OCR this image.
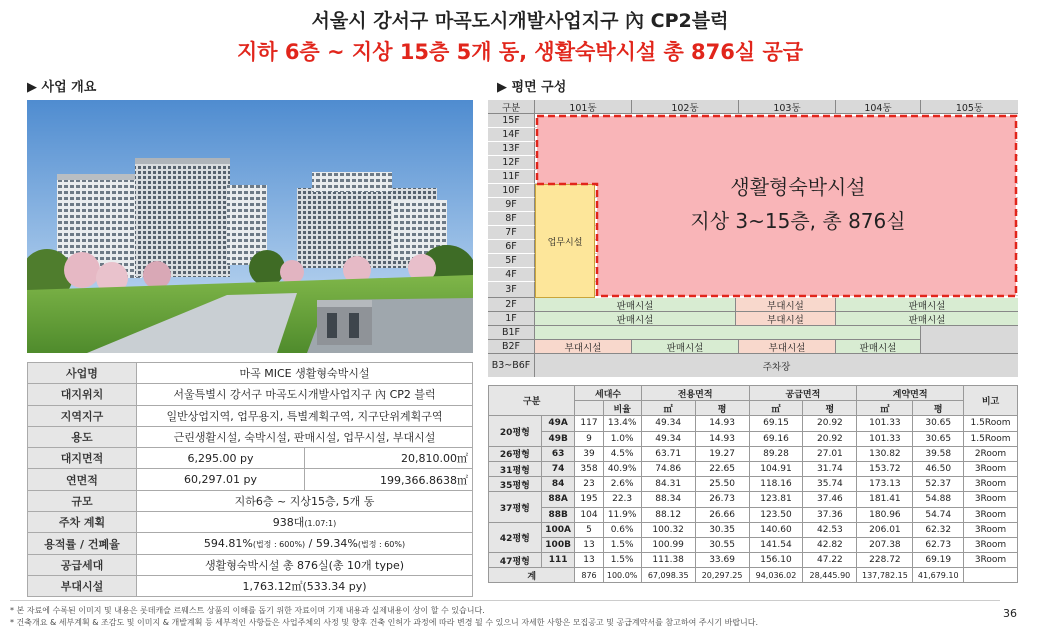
서울시 강서구 마곡도시개발사업지구 內 CP2블럭
지하 6층 ~ 지상 15층 5개 동, 생활숙박시설 총 876실 공급
▶ 사업 개요	▶ 평면 구성
사업명	마곡 MICE 생활형숙박시설	
대지위치	서울특별시 강서구 마곡도시개발사업지구 內 CP2 블럭	
지역지구	일반상업지역, 업무용지, 특별계획구역, 지구단위계획구역	
용도	근린생활시설, 숙박시설, 판매시설, 업무시설, 부대시설	
대지면적	6,295.00 py	20,810.00㎡
연면적	60,297.01 py	199,366.8638㎡
규모	지하6층 ~ 지상15층, 5개 동	
주차 계획	938대(1.07:1)	
용적률 / 건폐율	594.81%(법정 : 600%) / 59.34%(법정 : 60%)	
공급세대	생활형숙박시설 총 876실(총 10개 type)	
부대시설	1,763.12㎡(533.34 py)	
구분	101동	102동	103동	104동	105동
15F
14F
13F
12F
11F
10F
9F
8F
7F
6F
5F
4F
3F
업무시설
생활형숙박시설
지상 3~15층, 총 876실
2F	판매시설	부대시설	판매시설
1F	판매시설	부대시설	판매시설
B1F
B2F	부대시설	판매시설	부대시설	판매시설
B3~B6F	주차장
구분		세대수		전용면적		공급면적		계약면적		비고
			비율	㎡	평	㎡	평	㎡	평	
20평형	49A	117	13.4%	49.34	14.93	69.15	20.92	101.33	30.65	1.5Room
	49B	9	1.0%	49.34	14.93	69.16	20.92	101.33	30.65	1.5Room
26평형	63	39	4.5%	63.71	19.27	89.28	27.01	130.82	39.58	2Room
31평형	74	358	40.9%	74.86	22.65	104.91	31.74	153.72	46.50	3Room
35평형	84	23	2.6%	84.31	25.50	118.16	35.74	173.13	52.37	3Room
37평형	88A	195	22.3	88.34	26.73	123.81	37.46	181.41	54.88	3Room
	88B	104	11.9%	88.12	26.66	123.50	37.36	180.96	54.74	3Room
42평형	100A	5	0.6%	100.32	30.35	140.60	42.53	206.01	62.32	3Room
	100B	13	1.5%	100.99	30.55	141.54	42.82	207.38	62.73	3Room
47평형	111	13	1.5%	111.38	33.69	156.10	47.22	228.72	69.19	3Room
계		876	100.0%	67,098.35	20,297.25	94,036.02	28,445.90	137,782.15	41,679.10	
* 본 자료에 수록된 이미지 및 내용은 롯데캐슬 르웨스트 상품의 이해를 돕기 위한 자료이며 기재 내용과 실제내용이 상이 할 수 있습니다.
* 건축개요 & 세부계획 & 조감도 및 이미지 & 개발계획 등 세부적인 사항들은 사업주체의 사정 및 향후 건축 인허가 과정에 따라 변경 될 수 있으니 자세한 사항은 모집공고 및 공급계약서를 참고하여 주시기 바랍니다.
36
